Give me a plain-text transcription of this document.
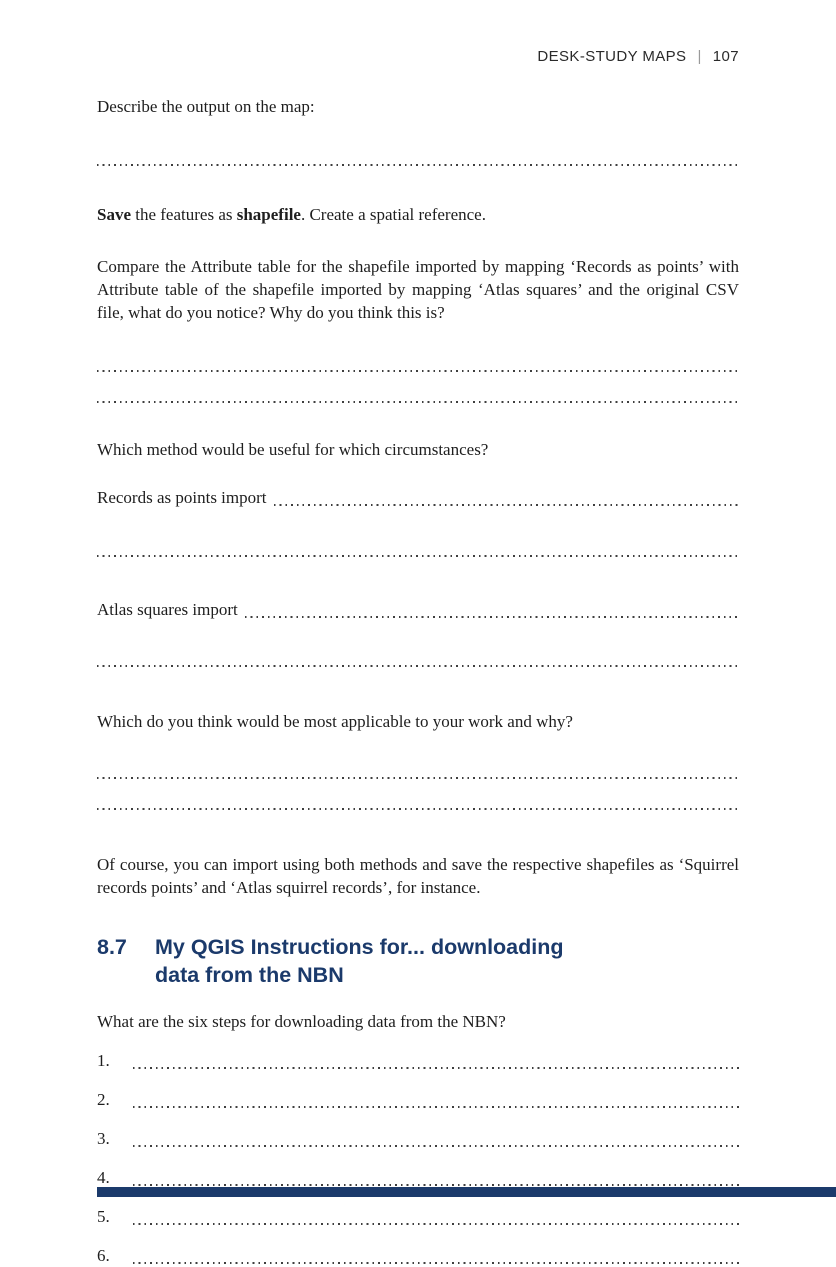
DESK-STUDY MAPS | 107
Describe the output on the map:
Save the features as shapefile. Create a spatial reference.
Compare the Attribute table for the shapefile imported by mapping ‘Records as points’ with Attribute table of the shapefile imported by mapping ‘Atlas squares’ and the original CSV file, what do you notice? Why do you think this is?
Which method would be useful for which circumstances?
Records as points import
Atlas squares import
Which do you think would be most applicable to your work and why?
Of course, you can import using both methods and save the respective shapefiles as ‘Squirrel records points’ and ‘Atlas squirrel records’, for instance.
8.7	My QGIS Instructions for... downloading
data from the NBN
What are the six steps for downloading data from the NBN?
1.
2.
3.
4.
5.
6.
